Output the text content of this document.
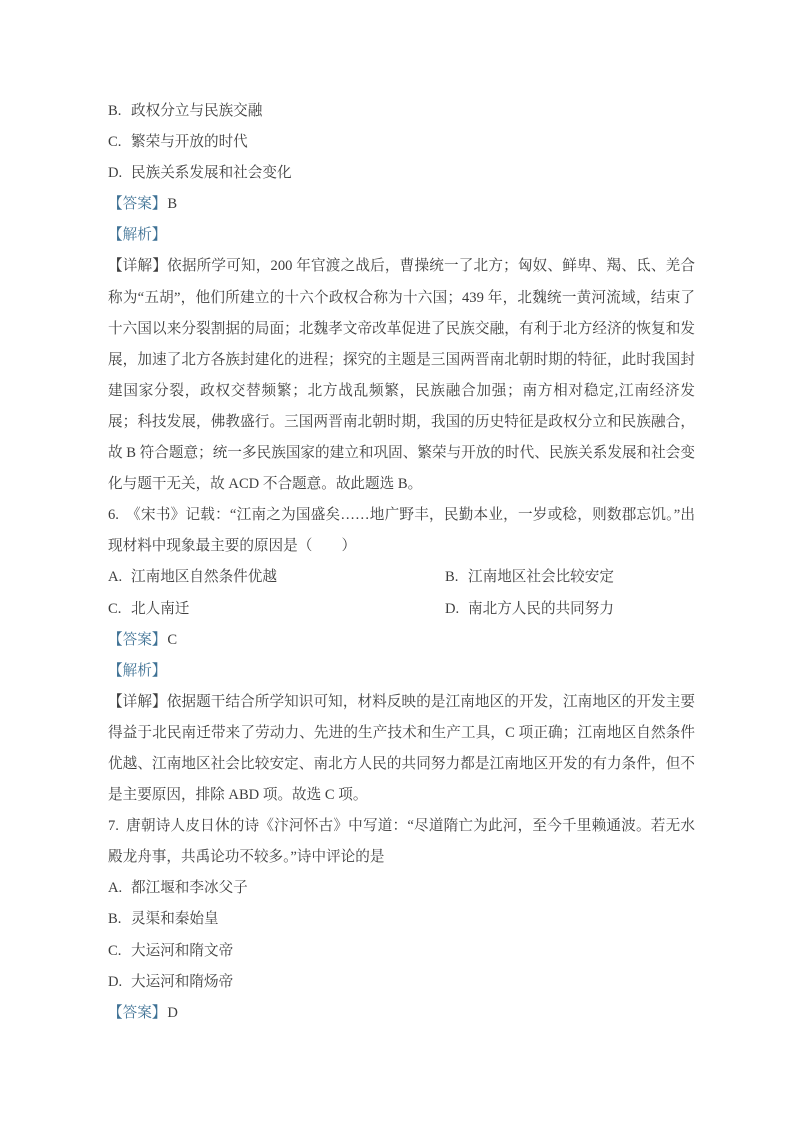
B. 政权分立与民族交融
C. 繁荣与开放的时代
D. 民族关系发展和社会变化
【答案】B
【解析】

【详解】依据所学可知，200 年官渡之战后，曹操统一了北方；匈奴、鲜卑、羯、氐、羌合称为“五胡”，他们所建立的十六个政权合称为十六国；439 年，北魏统一黄河流域，结束了十六国以来分裂割据的局面；北魏孝文帝改革促进了民族交融，有利于北方经济的恢复和发展，加速了北方各族封建化的进程；探究的主题是三国两晋南北朝时期的特征，此时我国封建国家分裂，政权交替频繁；北方战乱频繁，民族融合加强；南方相对稳定,江南经济发展；科技发展，佛教盛行。三国两晋南北朝时期，我国的历史特征是政权分立和民族融合，故 B 符合题意；统一多民族国家的建立和巩固、繁荣与开放的时代、民族关系发展和社会变化与题干无关，故 ACD 不合题意。故此题选 B。

6. 《宋书》记载：“江南之为国盛矣……地广野丰，民勤本业，一岁或稔，则数郡忘饥。”出现材料中现象最主要的原因是（　　）

A. 江南地区自然条件优越	B. 江南地区社会比较安定
C. 北人南迁	D. 南北方人民的共同努力
【答案】C
【解析】

【详解】依据题干结合所学知识可知，材料反映的是江南地区的开发，江南地区的开发主要得益于北民南迁带来了劳动力、先进的生产技术和生产工具，C 项正确；江南地区自然条件优越、江南地区社会比较安定、南北方人民的共同努力都是江南地区开发的有力条件，但不是主要原因，排除 ABD 项。故选 C 项。

7. 唐朝诗人皮日休的诗《汴河怀古》中写道：“尽道隋亡为此河，至今千里赖通波。若无水殿龙舟事，共禹论功不较多。”诗中评论的是

A. 都江堰和李冰父子
B. 灵渠和秦始皇
C. 大运河和隋文帝
D. 大运河和隋炀帝
【答案】D
